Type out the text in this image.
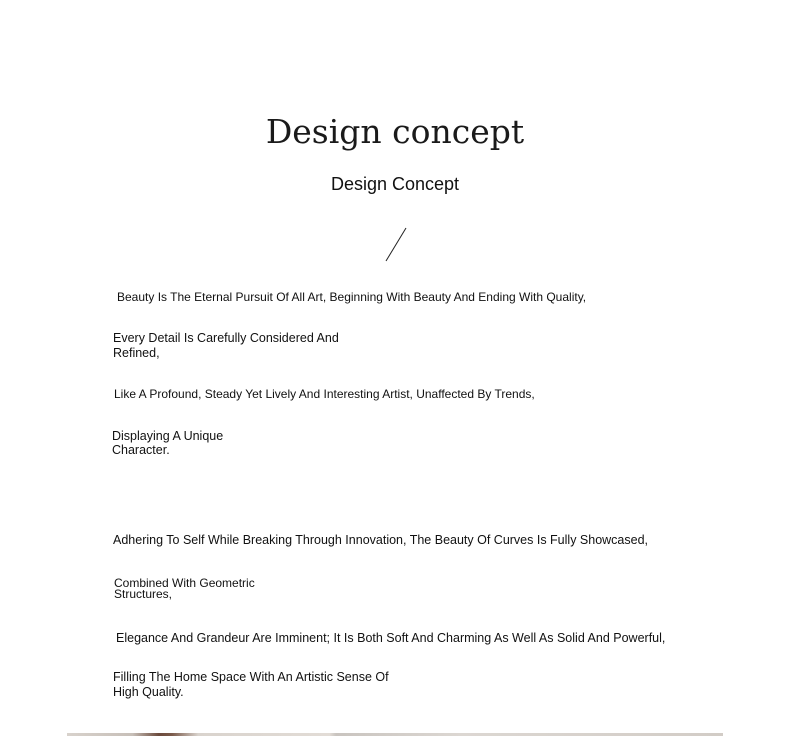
Design concept
Design Concept

Beauty Is The Eternal Pursuit Of All Art, Beginning With Beauty And Ending With Quality,

Every Detail Is Carefully Considered And Refined,

Like A Profound, Steady Yet Lively And Interesting Artist, Unaffected By Trends,

Displaying A Unique Character.

Adhering To Self While Breaking Through Innovation, The Beauty Of Curves Is Fully Showcased,

Combined With Geometric Structures,

Elegance And Grandeur Are Imminent; It Is Both Soft And Charming As Well As Solid And Powerful,

Filling The Home Space With An Artistic Sense Of High Quality.
